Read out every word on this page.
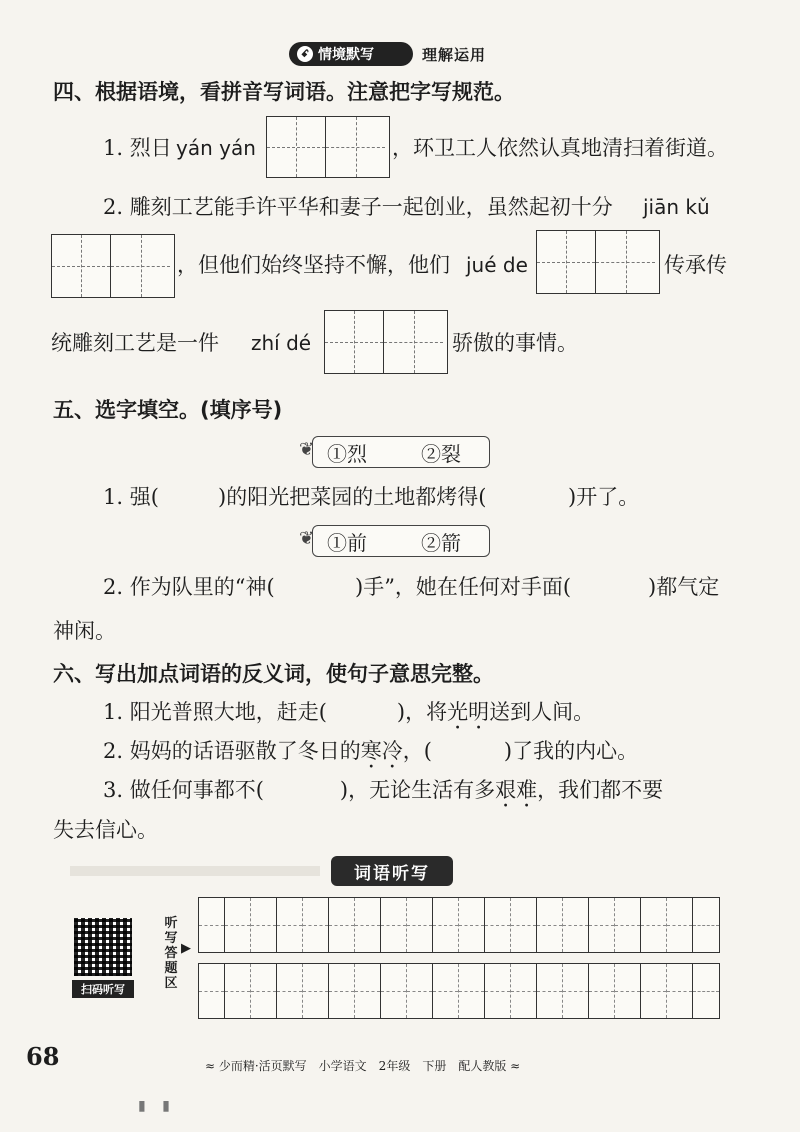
ꗃ 情境默写	理解运用
四、根据语境，看拼音写词语。注意把字写规范。
1. 烈日 yán yán	，环卫工人依然认真地清扫着街道。
2. 雕刻工艺能手许平华和妻子一起创业，虽然起初十分 jiān kǔ
，但他们始终坚持不懈，他们 jué de	传承传
统雕刻工艺是一件 zhí dé	骄傲的事情。
五、选字填空。(填序号)
❦ ①烈	②裂
1. 强(	)的阳光把菜园的土地都烤得(	)开了。
❦ ①前	②箭
2. 作为队里的“神(	)手”，她在任何对手面(	)都气定
神闲。
六、写出加点词语的反义词，使句子意思完整。
1. 阳光普照大地，赶走(	)，将光明送到人间。
2. 妈妈的话语驱散了冬日的寒冷，(	)了我的内心。
3. 做任何事都不(	)，无论生活有多艰难，我们都不要
失去信心。
词语听写
扫码听写
听写答题区
▶
68	≈ 少而精·活页默写　小学语文　2年级　下册　配人教版 ≈
▮ ▮
